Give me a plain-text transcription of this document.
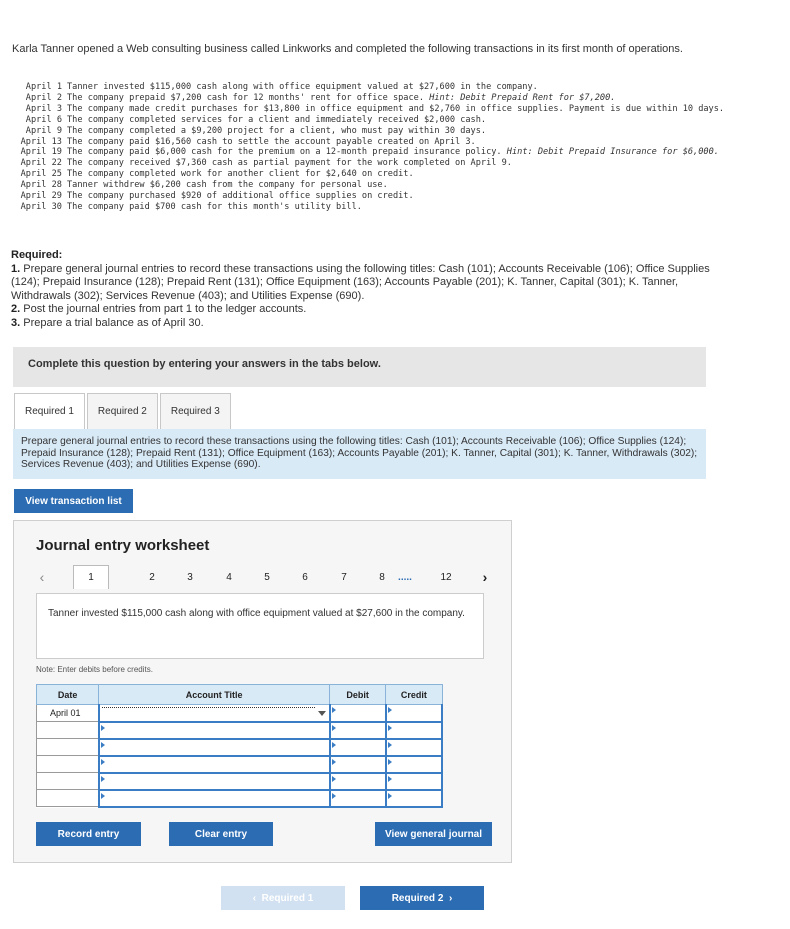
Karla Tanner opened a Web consulting business called Linkworks and completed the following transactions in its first month of operations.
April 1 Tanner invested $115,000 cash along with office equipment valued at $27,600 in the company.
April 2 The company prepaid $7,200 cash for 12 months' rent for office space. Hint: Debit Prepaid Rent for $7,200.
April 3 The company made credit purchases for $13,800 in office equipment and $2,760 in office supplies. Payment is due within 10 days.
April 6 The company completed services for a client and immediately received $2,000 cash.
April 9 The company completed a $9,200 project for a client, who must pay within 30 days.
April 13 The company paid $16,560 cash to settle the account payable created on April 3.
April 19 The company paid $6,000 cash for the premium on a 12-month prepaid insurance policy. Hint: Debit Prepaid Insurance for $6,000.
April 22 The company received $7,360 cash as partial payment for the work completed on April 9.
April 25 The company completed work for another client for $2,640 on credit.
April 28 Tanner withdrew $6,200 cash from the company for personal use.
April 29 The company purchased $920 of additional office supplies on credit.
April 30 The company paid $700 cash for this month's utility bill.
Required:
1. Prepare general journal entries to record these transactions using the following titles: Cash (101); Accounts Receivable (106); Office Supplies (124); Prepaid Insurance (128); Prepaid Rent (131); Office Equipment (163); Accounts Payable (201); K. Tanner, Capital (301); K. Tanner, Withdrawals (302); Services Revenue (403); and Utilities Expense (690).
2. Post the journal entries from part 1 to the ledger accounts.
3. Prepare a trial balance as of April 30.
Complete this question by entering your answers in the tabs below.
Required 1	Required 2	Required 3
Prepare general journal entries to record these transactions using the following titles: Cash (101); Accounts Receivable (106); Office Supplies (124); Prepaid Insurance (128); Prepaid Rent (131); Office Equipment (163); Accounts Payable (201); K. Tanner, Capital (301); K. Tanner, Withdrawals (302); Services Revenue (403); and Utilities Expense (690).
View transaction list
Journal entry worksheet
‹	1	2	3	4	5	6	7	8	.....	12	›
Tanner invested $115,000 cash along with office equipment valued at $27,600 in the company.
Note: Enter debits before credits.
Date	Account Title	Debit	Credit
April 01	

Record entry	Clear entry	View general journal
‹
Required 1	Required 2
›
